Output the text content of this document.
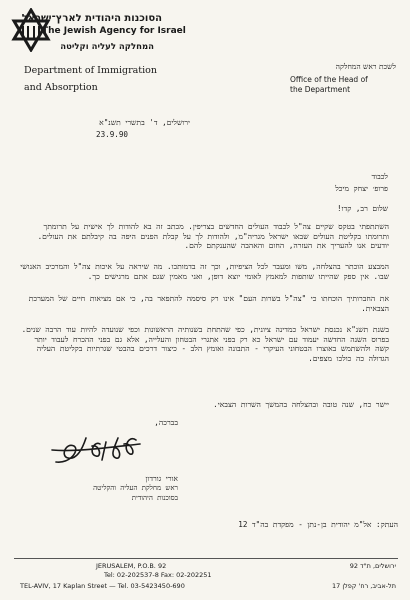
הסוכנות היהודית לארץ־ישראל
The Jewish Agency for Israel
המחלקה לעליה וקליטה
Department of Immigration
and Absorption
לשכת ראש המחלקה
Office of the Head of
the Department
ירושלים, ד' בתשרי תשנ"א
23.9.90
לכבוד
פרופ׳ יצחק מיכל
שלום רב, קדו!
השתתפתי בטקס שקיים צה"ל לכבוד העולים החדשים בצריפין. מכתב זה בא להודות לך אישית על תרומתך ותרומתו בקליטת העולים שבאו ישראל מגריה"מ, ולהודות לך על קבלת הפנים היפה בה קיבלתם את העולים. יודעים אנו להעריך את העזרה, החום והאהבה שהענקתם להם.
המבצע הוכתר בהצלחה, משו ומעבר לכל הציפיות, וכך זה בדמותכו. מה שיראה על איכות צה"ל והמרכיב האנושי שבו. אין ספק שהייתו שותפות למאמץ לאומי יוצא דופן, ואני מאמין שגם אתם מרגישים כך.
את החברותיך הוכחתו כי "צה"ל בשרות העם" אינו רק סיסמה להתפאר בה, כי אם מציאות חיים של המערכת הצבאית.
בשנת תשנ"א נכנסת ישראל כמדינה ציונית, כפי שהתחת בשנותיה הראשונות וכפי שנועדה להיות עוד הרבה שנים. בפרוס השנה החדשה יעמוד עם ישראל כא רק בפני אתגרי הבטחון והעלייה, אלא גם בפני ההכרח לעבוד יותר קשה ולהשתמש באוצרו הבטחוני העיקרי - התבונה ואומץ הלב - כיצור דרכים בהבטי שגרתיות בקליטת העליה הגדולה כה כולכו מצפים.
יישר כח, שנה טובה ובהצלחה בהמשך השרות הצבאי.
בברכה,
אורי גורדון
ראש מחלקת העליה והקליטה
בסוכנות היהודית
העתק: אל"מ יהודית בן-נתן - מפקדת בה"ד 12
ירושלים, ת"ד 92
JERUSALEM, P.O.B. 92
Tel: 02-202537-8 Fax: 02-202251
תל-אביב, רח' קפלן 17
TEL-AVIV, 17 Kaplan Street — Tel. 03-5423450-690
